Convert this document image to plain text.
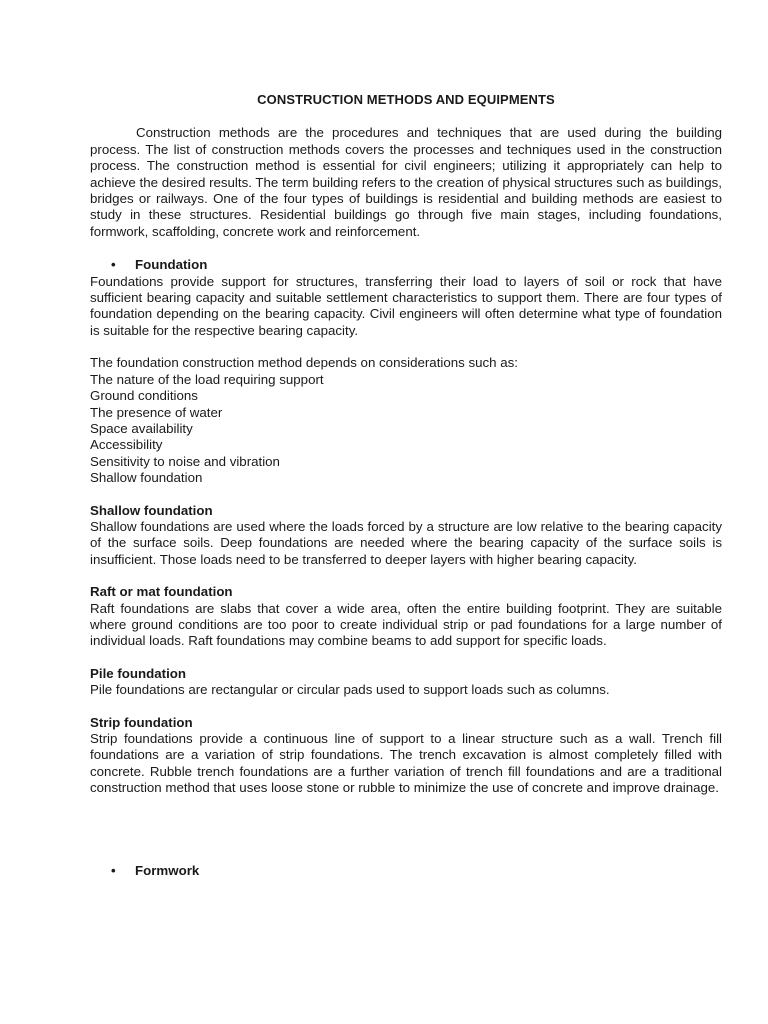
CONSTRUCTION METHODS AND EQUIPMENTS

Construction methods are the procedures and techniques that are used during the building process. The list of construction methods covers the processes and techniques used in the construction process. The construction method is essential for civil engineers; utilizing it appropriately can help to achieve the desired results. The term building refers to the creation of physical structures such as buildings, bridges or railways. One of the four types of buildings is residential and building methods are easiest to study in these structures. Residential buildings go through five main stages, including foundations, formwork, scaffolding, concrete work and reinforcement.

• Foundation

Foundations provide support for structures, transferring their load to layers of soil or rock that have sufficient bearing capacity and suitable settlement characteristics to support them. There are four types of foundation depending on the bearing capacity. Civil engineers will often determine what type of foundation is suitable for the respective bearing capacity.

The foundation construction method depends on considerations such as:

The nature of the load requiring support

Ground conditions

The presence of water

Space availability

Accessibility

Sensitivity to noise and vibration

Shallow foundation

Shallow foundation

Shallow foundations are used where the loads forced by a structure are low relative to the bearing capacity of the surface soils. Deep foundations are needed where the bearing capacity of the surface soils is insufficient. Those loads need to be transferred to deeper layers with higher bearing capacity.

Raft or mat foundation

Raft foundations are slabs that cover a wide area, often the entire building footprint. They are suitable where ground conditions are too poor to create individual strip or pad foundations for a large number of individual loads. Raft foundations may combine beams to add support for specific loads.

Pile foundation

Pile foundations are rectangular or circular pads used to support loads such as columns.

Strip foundation

Strip foundations provide a continuous line of support to a linear structure such as a wall. Trench fill foundations are a variation of strip foundations. The trench excavation is almost completely filled with concrete. Rubble trench foundations are a further variation of trench fill foundations and are a traditional construction method that uses loose stone or rubble to minimize the use of concrete and improve drainage.

• Formwork
